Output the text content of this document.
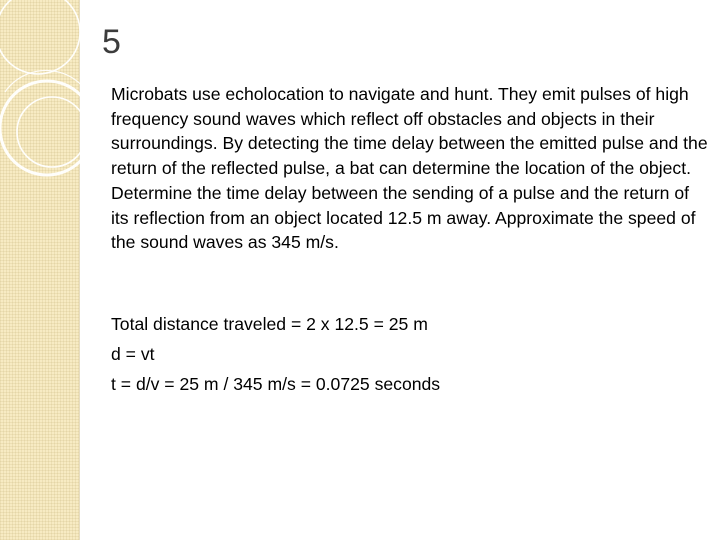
5

Microbats use echolocation to navigate and hunt. They emit pulses of high frequency sound waves which reflect off obstacles and objects in their surroundings. By detecting the time delay between the emitted pulse and the return of the reflected pulse, a bat can determine the location of the object. Determine the time delay between the sending of a pulse and the return of its reflection from an object located 12.5 m away. Approximate the speed of the sound waves as 345 m/s.

Total distance traveled = 2 x 12.5 = 25 m
d = vt
t = d/v = 25 m / 345 m/s = 0.0725 seconds
